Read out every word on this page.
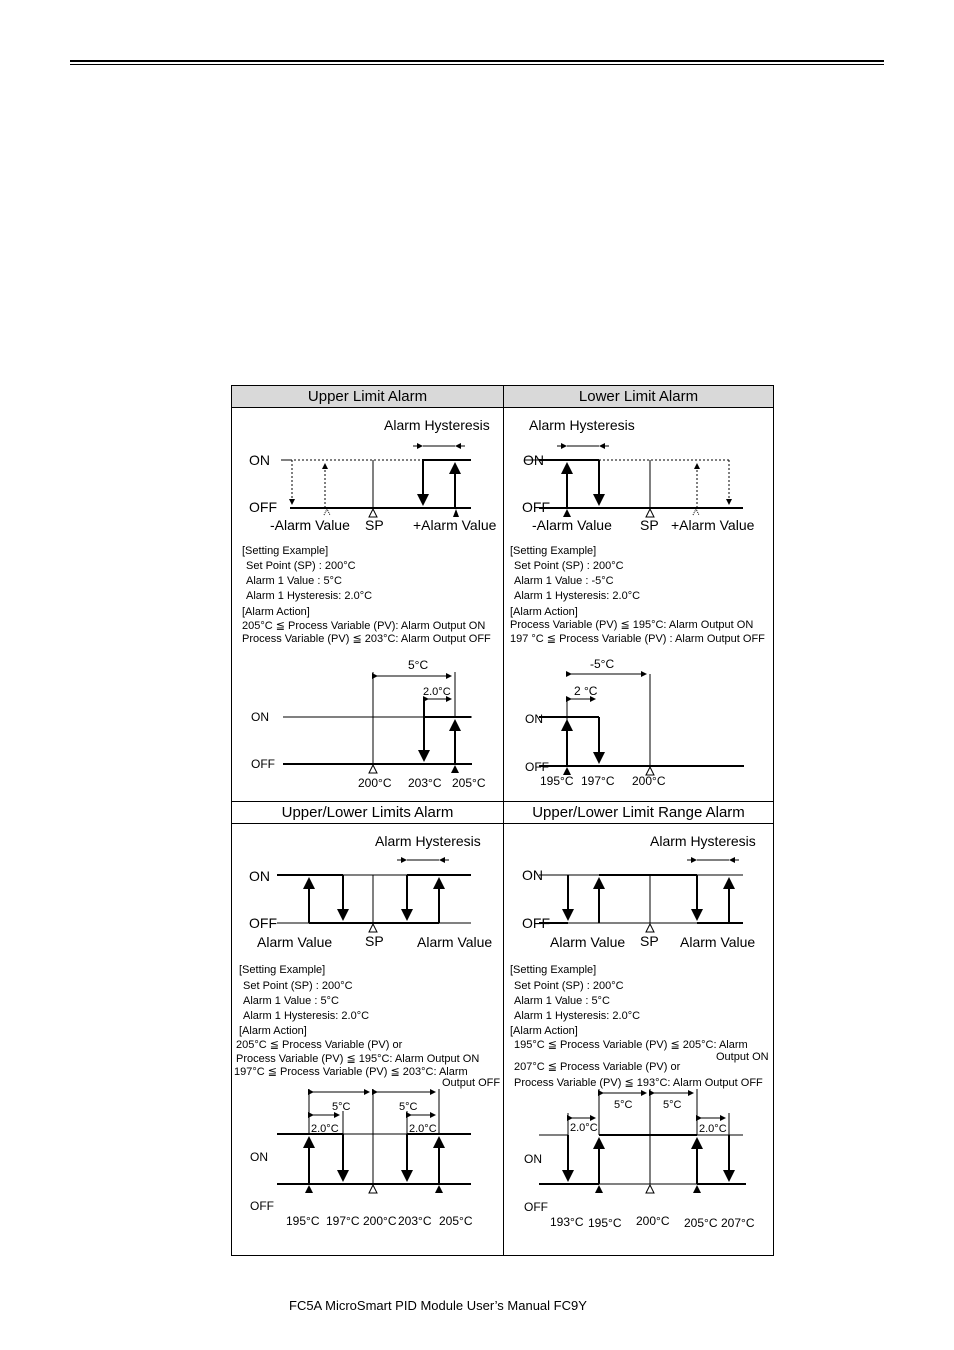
Upper Limit Alarm	Lower Limit Alarm
Upper/Lower Limits Alarm	Upper/Lower Limit Range Alarm
Alarm Hysteresis
ON
OFF
-Alarm Value SP +Alarm Value
[Setting Example]
Set Point (SP) : 200°C
Alarm 1 Value : 5°C
Alarm 1 Hysteresis: 2.0°C
[Alarm Action]
205°C ≦ Process Variable (PV): Alarm Output ON
Process Variable (PV) ≦ 203°C: Alarm Output OFF
5°C
2.0°C
ON
OFF
200°C 203°C 205°C
Alarm Hysteresis
ON
OFF
-Alarm Value SP +Alarm Value
[Setting Example]
Set Point (SP) : 200°C
Alarm 1 Value : -5°C
Alarm 1 Hysteresis: 2.0°C
[Alarm Action]
Process Variable (PV) ≦ 195°C: Alarm Output ON
197 °C ≦ Process Variable (PV) : Alarm Output OFF
-5°C
2 °C
ON
OFF
195°C 197°C 200°C
Alarm Hysteresis
ON
OFF
Alarm Value SP Alarm Value
[Setting Example]
Set Point (SP) : 200°C
Alarm 1 Value : 5°C
Alarm 1 Hysteresis: 2.0°C
[Alarm Action]
205°C ≦ Process Variable (PV) or
Process Variable (PV) ≦ 195°C: Alarm Output ON
197°C ≦ Process Variable (PV) ≦ 203°C: Alarm
Output OFF
5°C	5°C
2.0°C	2.0°C
ON
OFF
195°C 197°C 200°C 203°C 205°C
Alarm Hysteresis
ON
OFF
Alarm Value SP Alarm Value
[Setting Example]
Set Point (SP) : 200°C
Alarm 1 Value : 5°C
Alarm 1 Hysteresis: 2.0°C
[Alarm Action]
195°C ≦ Process Variable (PV) ≦ 205°C: Alarm
Output ON
207°C ≦ Process Variable (PV) or
Process Variable (PV) ≦ 193°C: Alarm Output OFF
5°C	5°C
2.0°C	2.0°C
ON
OFF
193°C 195°C 200°C 205°C 207°C
FC5A MicroSmart PID Module User’s Manual FC9Y
